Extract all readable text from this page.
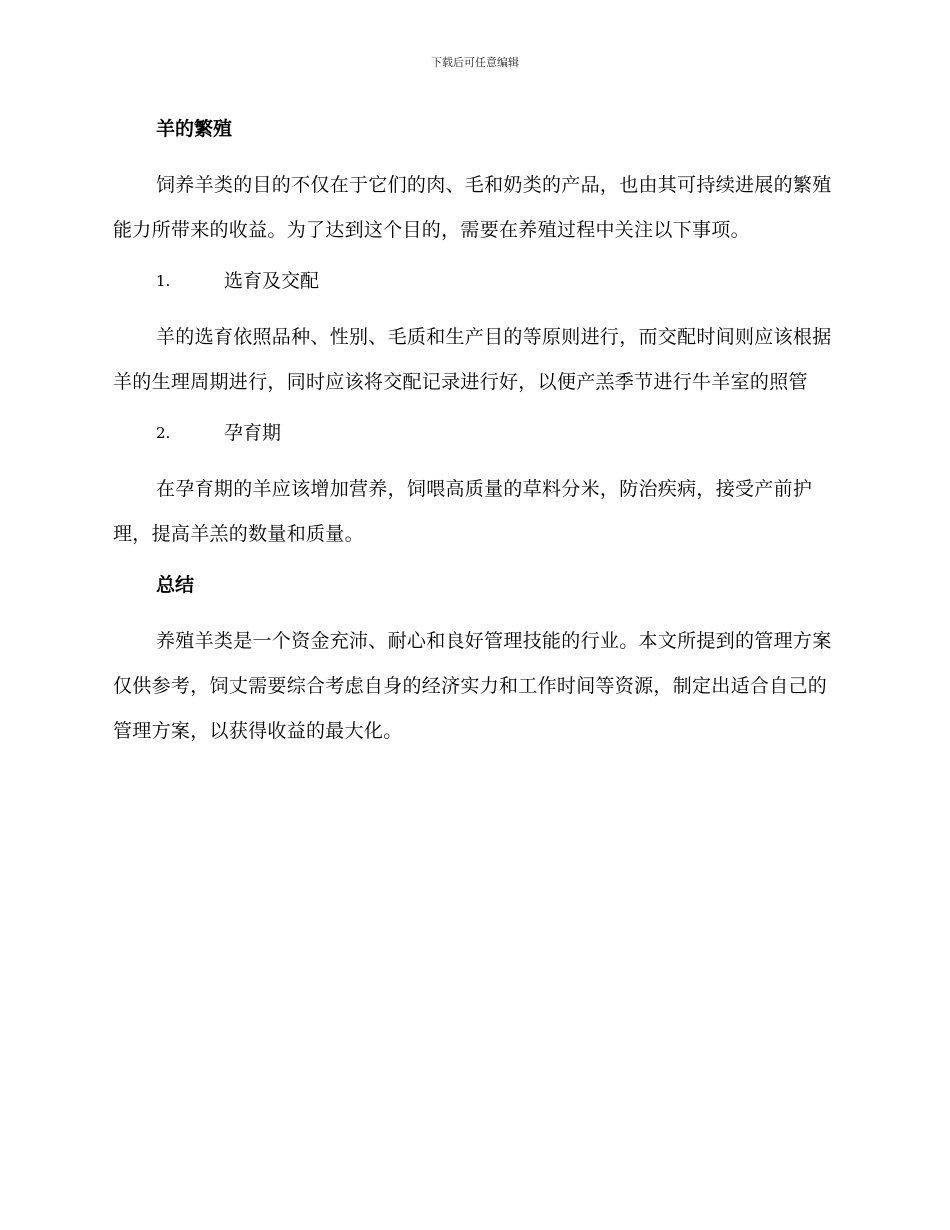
下载后可任意编辑
羊的繁殖

饲养羊类的目的不仅在于它们的肉、毛和奶类的产品，也由其可持续进展的繁殖能力所带来的收益。为了达到这个目的，需要在养殖过程中关注以下事项。

1.	选育及交配

羊的选育依照品种、性别、毛质和生产目的等原则进行，而交配时间则应该根据羊的生理周期进行，同时应该将交配记录进行好，以便产羔季节进行牛羊室的照管

2.	孕育期

在孕育期的羊应该增加营养，饲喂高质量的草料分米，防治疾病，接受产前护理，提高羊羔的数量和质量。

总结

养殖羊类是一个资金充沛、耐心和良好管理技能的行业。本文所提到的管理方案仅供参考，饲丈需要综合考虑自身的经济实力和工作时间等资源，制定出适合自己的管理方案，以获得收益的最大化。
